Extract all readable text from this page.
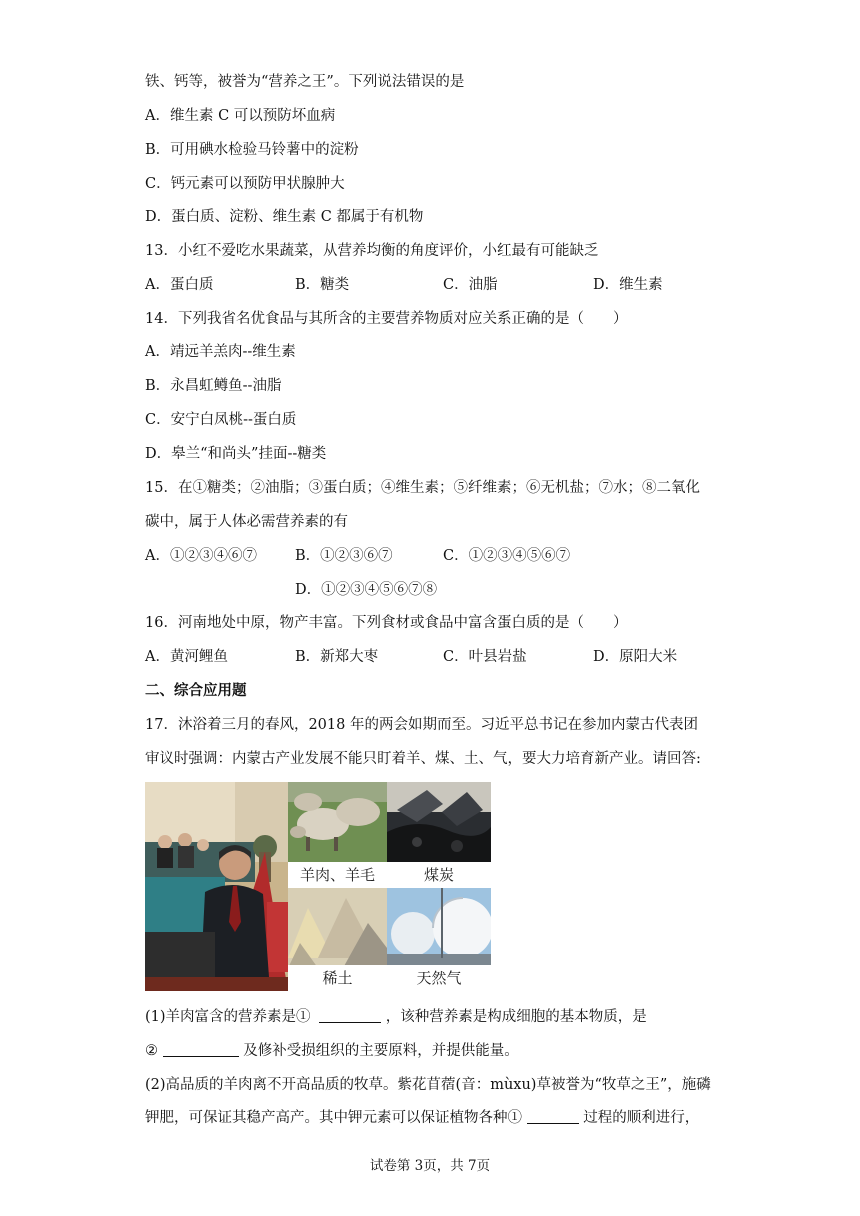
铁、钙等，被誉为“营养之王”。下列说法错误的是
A．维生素 C 可以预防坏血病
B．可用碘水检验马铃薯中的淀粉
C．钙元素可以预防甲状腺肿大
D．蛋白质、淀粉、维生素 C 都属于有机物
13．小红不爱吃水果蔬菜，从营养均衡的角度评价，小红最有可能缺乏
A．蛋白质	B．糖类	C．油脂	D．维生素
14．下列我省名优食品与其所含的主要营养物质对应关系正确的是（　　）
A．靖远羊羔肉--维生素
B．永昌虹鳟鱼--油脂
C．安宁白凤桃--蛋白质
D．皋兰“和尚头”挂面--糖类
15．在①糖类；②油脂；③蛋白质；④维生素；⑤纤维素；⑥无机盐；⑦水；⑧二氧化
碳中，属于人体必需营养素的有
A．①②③④⑥⑦	B．①②③⑥⑦	C．①②③④⑤⑥⑦
D．①②③④⑤⑥⑦⑧
16．河南地处中原，物产丰富。下列食材或食品中富含蛋白质的是（　　）
A．黄河鲤鱼	B．新郑大枣	C．叶县岩盐	D．原阳大米
二、综合应用题
17．沐浴着三月的春风，2018 年的两会如期而至。习近平总书记在参加内蒙古代表团
审议时强调：内蒙古产业发展不能只盯着羊、煤、土、气，要大力培育新产业。请回答:
羊肉、羊毛	煤炭
稀土	天然气
(1)羊肉富含的营养素是①	，该种营养素是构成细胞的基本物质，是
②	及修补受损组织的主要原料，并提供能量。
(2)高品质的羊肉离不开高品质的牧草。紫花苜蓿(音：mùxu)草被誉为“牧草之王”，施磷
钾肥，可保证其稳产高产。其中钾元素可以保证植物各种①	过程的顺利进行，
试卷第 3页，共 7页
